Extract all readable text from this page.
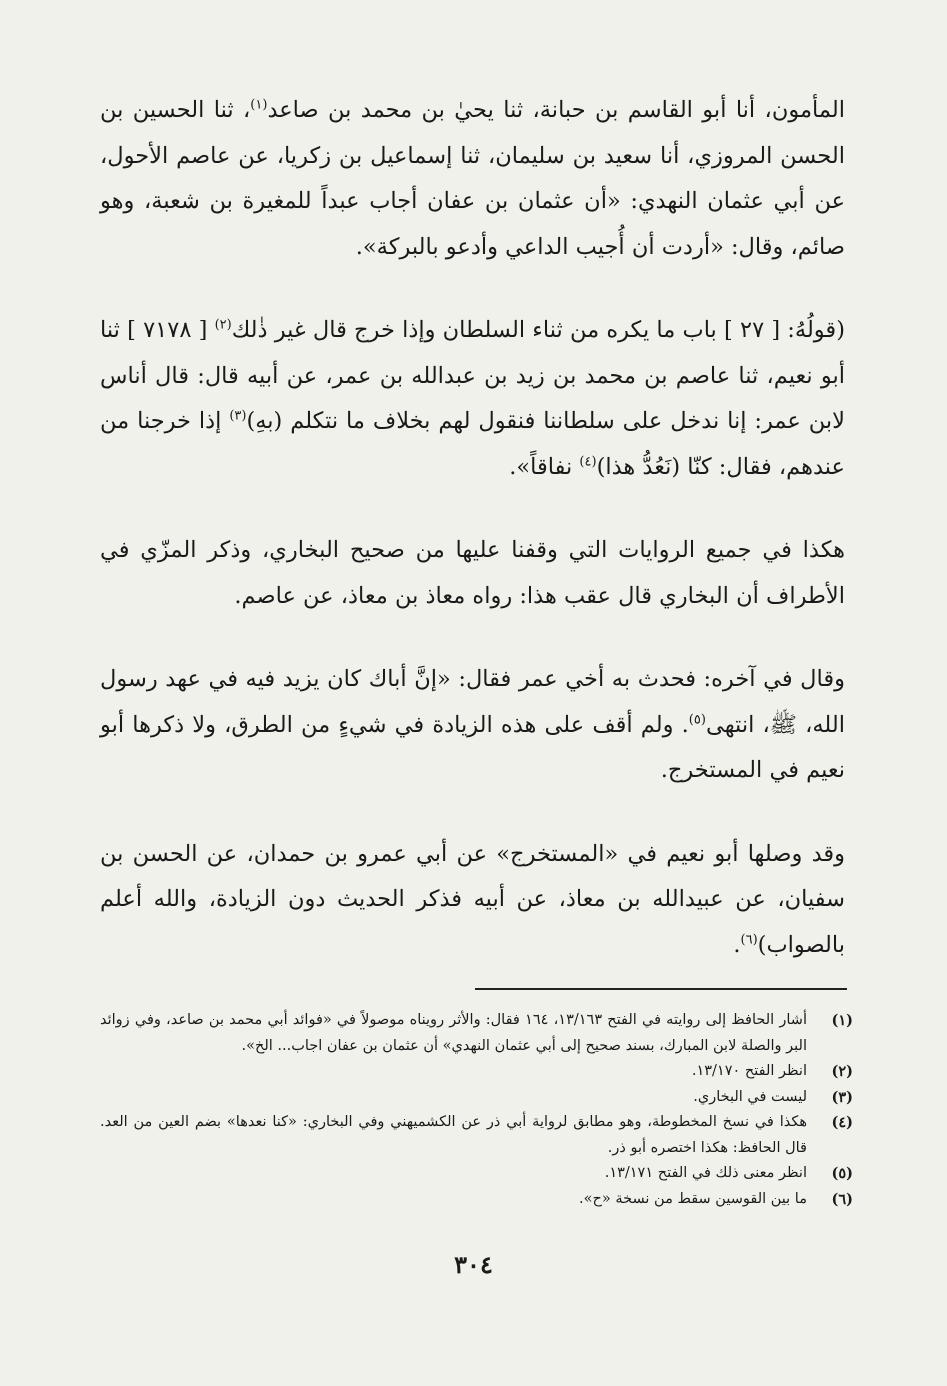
المأمون، أنا أبو القاسم بن حبانة، ثنا يحيٰ بن محمد بن صاعد$^{(١)}$، ثنا الحسين بن الحسن المروزي، أنا سعيد بن سليمان، ثنا إسماعيل بن زكريا، عن عاصم الأحول، عن أبي عثمان النهدي: «أن عثمان بن عفان أجاب عبداً للمغيرة بن شعبة، وهو صائم، وقال: «أردت أن أُجيب الداعي وأدعو بالبركة».

(قولُهُ: [ ٢٧ ] باب ما يكره من ثناء السلطان وإذا خرج قال غير ذٰلك$^{(٢)}$ [ ٧١٧٨ ] ثنا أبو نعيم، ثنا عاصم بن محمد بن زيد بن عبدالله بن عمر، عن أبيه قال: قال أناس لابن عمر: إنا ندخل على سلطاننا فنقول لهم بخلاف ما نتكلم (بهِ)$^{(٣)}$ إذا خرجنا من عندهم، فقال: كنّا (نَعُدُّ هذا)$^{(٤)}$ نفاقاً».

هكذا في جميع الروايات التي وقفنا عليها من صحيح البخاري، وذكر المزّي في الأطراف أن البخاري قال عقب هذا: رواه معاذ بن معاذ، عن عاصم.

وقال في آخره: فحدث به أخي عمر فقال: «إنَّ أباك كان يزيد فيه في عهد رسول الله، ﷺ، انتهى$^{(٥)}$. ولم أقف على هذه الزيادة في شيءٍ من الطرق، ولا ذكرها أبو نعيم في المستخرج.

وقد وصلها أبو نعيم في «المستخرج» عن أبي عمرو بن حمدان، عن الحسن بن سفيان، عن عبيدالله بن معاذ، عن أبيه فذكر الحديث دون الزيادة، والله أعلم بالصواب)$^{(٦)}$.

(١)
أشار الحافظ إلى روايته في الفتح ١٣/١٦٣، ١٦٤ فقال: والأثر رويناه موصولاً في «فوائد أبي محمد بن صاعد، وفي زوائد البر والصلة لابن المبارك، بسند صحيح إلى أبي عثمان النهدي» أن عثمان بن عفان اجاب... الخ».
(٢)
انظر الفتح ١٣/١٧٠.
(٣)
ليست في البخاري.
(٤)
هكذا في نسخ المخطوطة، وهو مطابق لرواية أبي ذر عن الكشميهني وفي البخاري: «كنا نعدها» بضم العين من العد. قال الحافظ: هكذا اختصره أبو ذر.
(٥)
انظر معنى ذلك في الفتح ١٣/١٧١.
(٦)
ما بين القوسين سقط من نسخة «ح».
٣٠٤
